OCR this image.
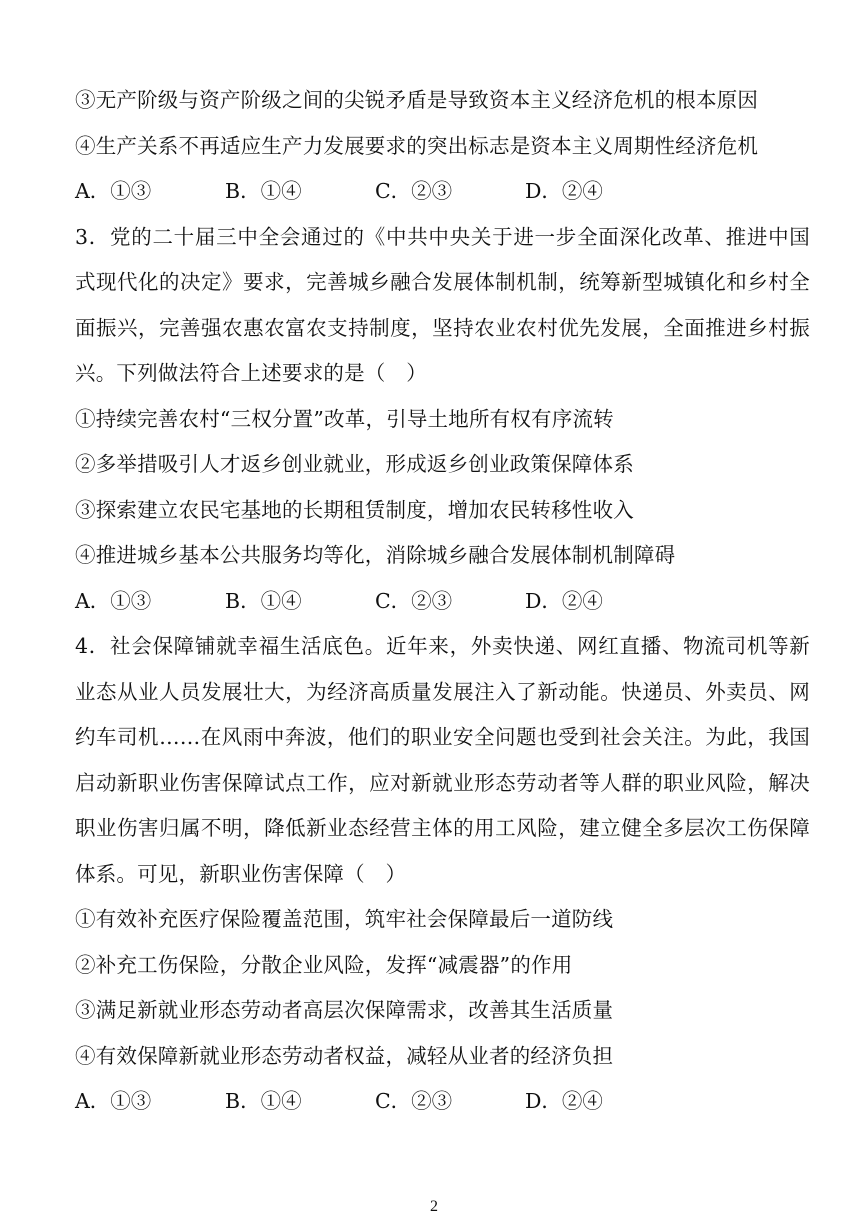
③无产阶级与资产阶级之间的尖锐矛盾是导致资本主义经济危机的根本原因
④生产关系不再适应生产力发展要求的突出标志是资本主义周期性经济危机
A．①③	B．①④	C．②③	D．②④
3．党的二十届三中全会通过的《中共中央关于进一步全面深化改革、推进中国式现代化的决定》要求，完善城乡融合发展体制机制，统筹新型城镇化和乡村全面振兴，完善强农惠农富农支持制度，坚持农业农村优先发展，全面推进乡村振兴。下列做法符合上述要求的是（　）
①持续完善农村“三权分置”改革，引导土地所有权有序流转
②多举措吸引人才返乡创业就业，形成返乡创业政策保障体系
③探索建立农民宅基地的长期租赁制度，增加农民转移性收入
④推进城乡基本公共服务均等化，消除城乡融合发展体制机制障碍
A．①③	B．①④	C．②③	D．②④
4．社会保障铺就幸福生活底色。近年来，外卖快递、网红直播、物流司机等新业态从业人员发展壮大，为经济高质量发展注入了新动能。快递员、外卖员、网约车司机……在风雨中奔波，他们的职业安全问题也受到社会关注。为此，我国启动新职业伤害保障试点工作，应对新就业形态劳动者等人群的职业风险，解决职业伤害归属不明，降低新业态经营主体的用工风险，建立健全多层次工伤保障体系。可见，新职业伤害保障（　）
①有效补充医疗保险覆盖范围，筑牢社会保障最后一道防线
②补充工伤保险，分散企业风险，发挥“减震器”的作用
③满足新就业形态劳动者高层次保障需求，改善其生活质量
④有效保障新就业形态劳动者权益，减轻从业者的经济负担
A．①③	B．①④	C．②③	D．②④
2
